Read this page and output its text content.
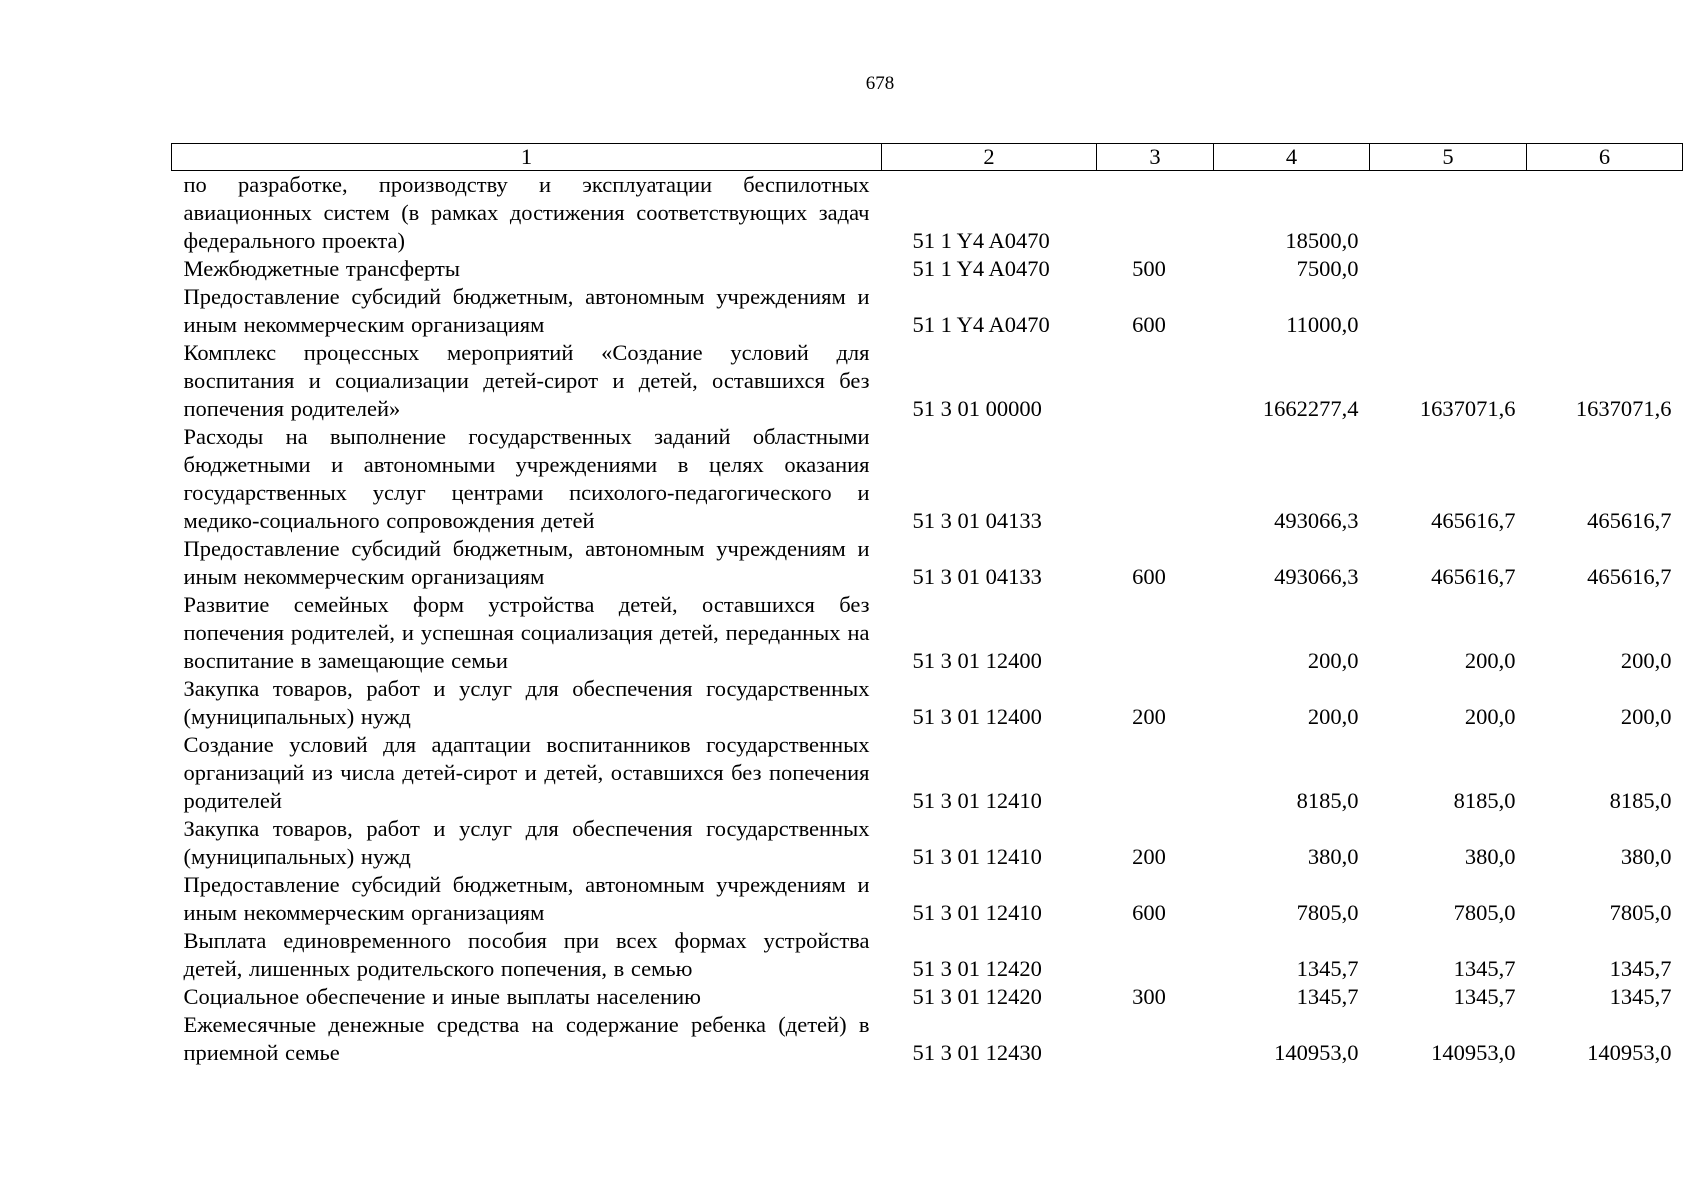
678
1	2	3	4	5	6
по разработке, производству и эксплуатации беспилотных авиационных систем (в рамках достижения соответствующих задач федерального проекта)	51 1 Y4 A0470		18500,0		
Межбюджетные трансферты	51 1 Y4 A0470	500	7500,0		
Предоставление субсидий бюджетным, автономным учреждениям и иным некоммерческим организациям	51 1 Y4 A0470	600	11000,0		
Комплекс процессных мероприятий «Создание условий для воспитания и социализации детей-сирот и детей, оставшихся без попечения родителей»	51 3 01 00000		1662277,4	1637071,6	1637071,6
Расходы на выполнение государственных заданий областными бюджетными и автономными учреждениями в целях оказания государственных услуг центрами психолого-педагогического и медико-социального сопровождения детей	51 3 01 04133		493066,3	465616,7	465616,7
Предоставление субсидий бюджетным, автономным учреждениям и иным некоммерческим организациям	51 3 01 04133	600	493066,3	465616,7	465616,7
Развитие семейных форм устройства детей, оставшихся без попечения родителей, и успешная социализация детей, переданных на воспитание в замещающие семьи	51 3 01 12400		200,0	200,0	200,0
Закупка товаров, работ и услуг для обеспечения государственных (муниципальных) нужд	51 3 01 12400	200	200,0	200,0	200,0
Создание условий для адаптации воспитанников государственных организаций из числа детей-сирот и детей, оставшихся без попечения родителей	51 3 01 12410		8185,0	8185,0	8185,0
Закупка товаров, работ и услуг для обеспечения государственных (муниципальных) нужд	51 3 01 12410	200	380,0	380,0	380,0
Предоставление субсидий бюджетным, автономным учреждениям и иным некоммерческим организациям	51 3 01 12410	600	7805,0	7805,0	7805,0
Выплата единовременного пособия при всех формах устройства детей, лишенных родительского попечения, в семью	51 3 01 12420		1345,7	1345,7	1345,7
Социальное обеспечение и иные выплаты населению	51 3 01 12420	300	1345,7	1345,7	1345,7
Ежемесячные денежные средства на содержание ребенка (детей) в приемной семье	51 3 01 12430		140953,0	140953,0	140953,0
